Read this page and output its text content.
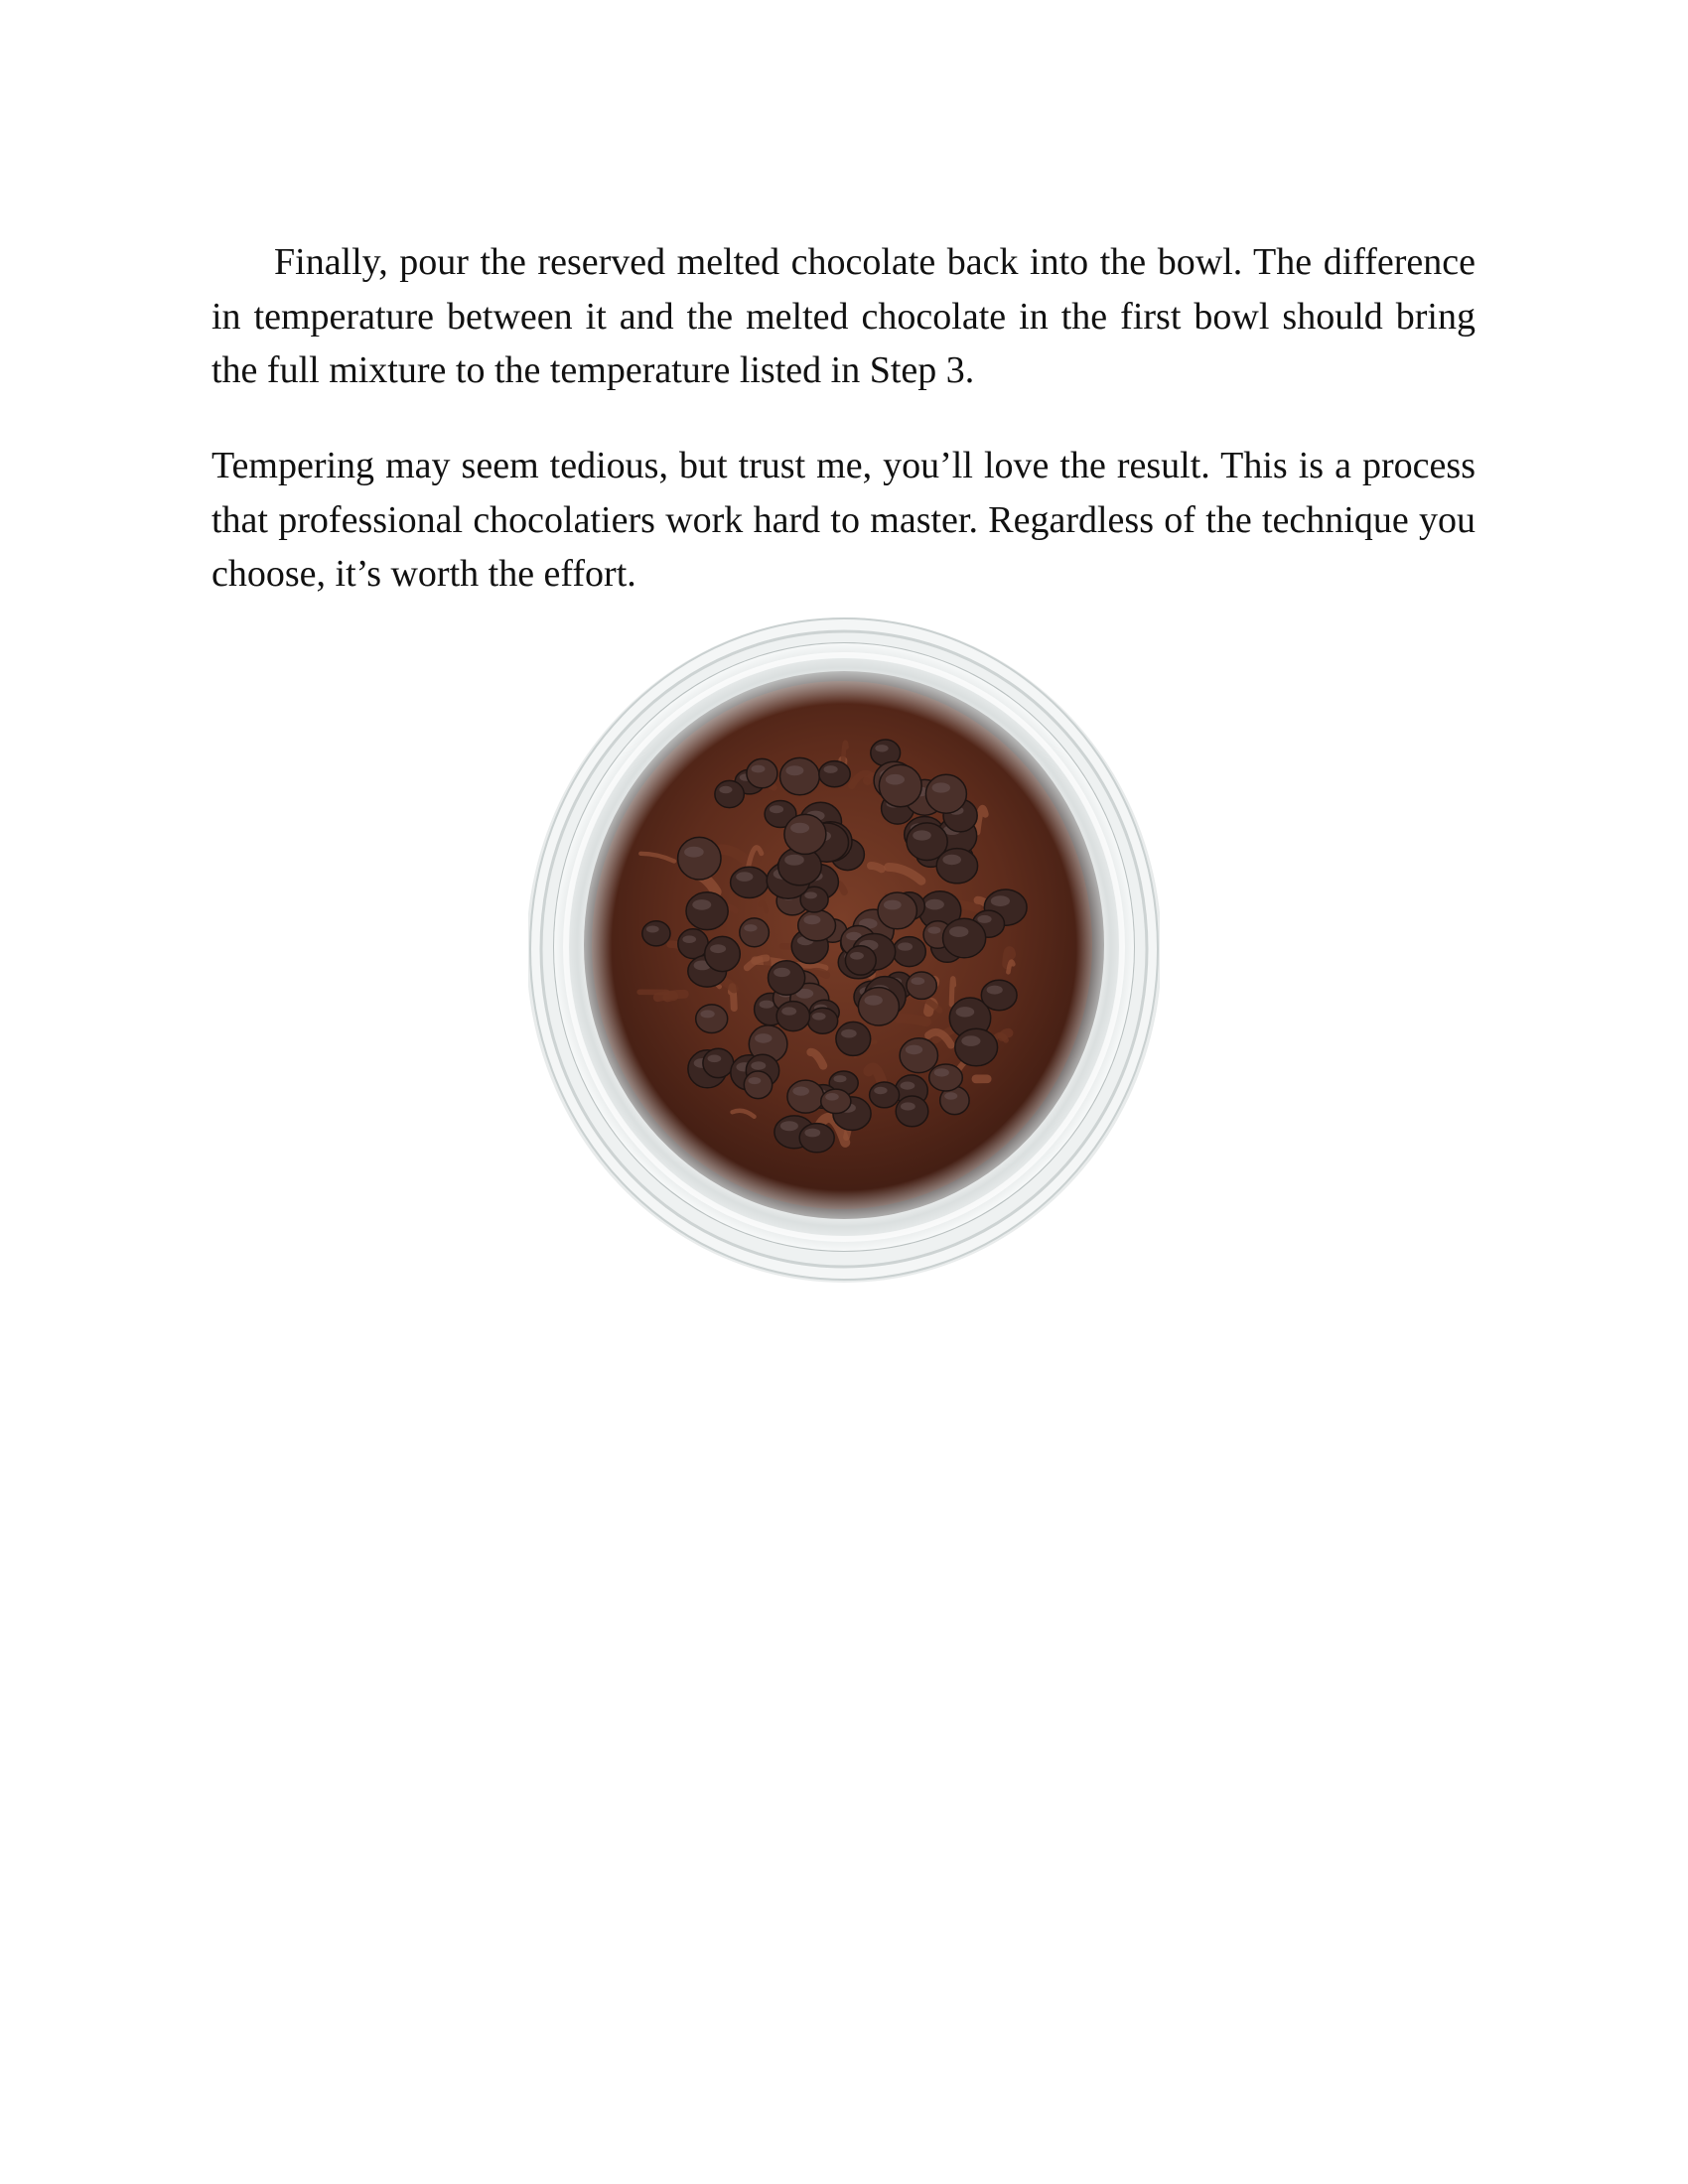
Finally, pour the reserved melted chocolate back into the bowl. The difference in temperature between it and the melted chocolate in the first bowl should bring the full mixture to the temperature listed in Step 3.

Tempering may seem tedious, but trust me, you’ll love the result. This is a process that professional chocolatiers work hard to master. Regardless of the technique you choose, it’s worth the effort.
